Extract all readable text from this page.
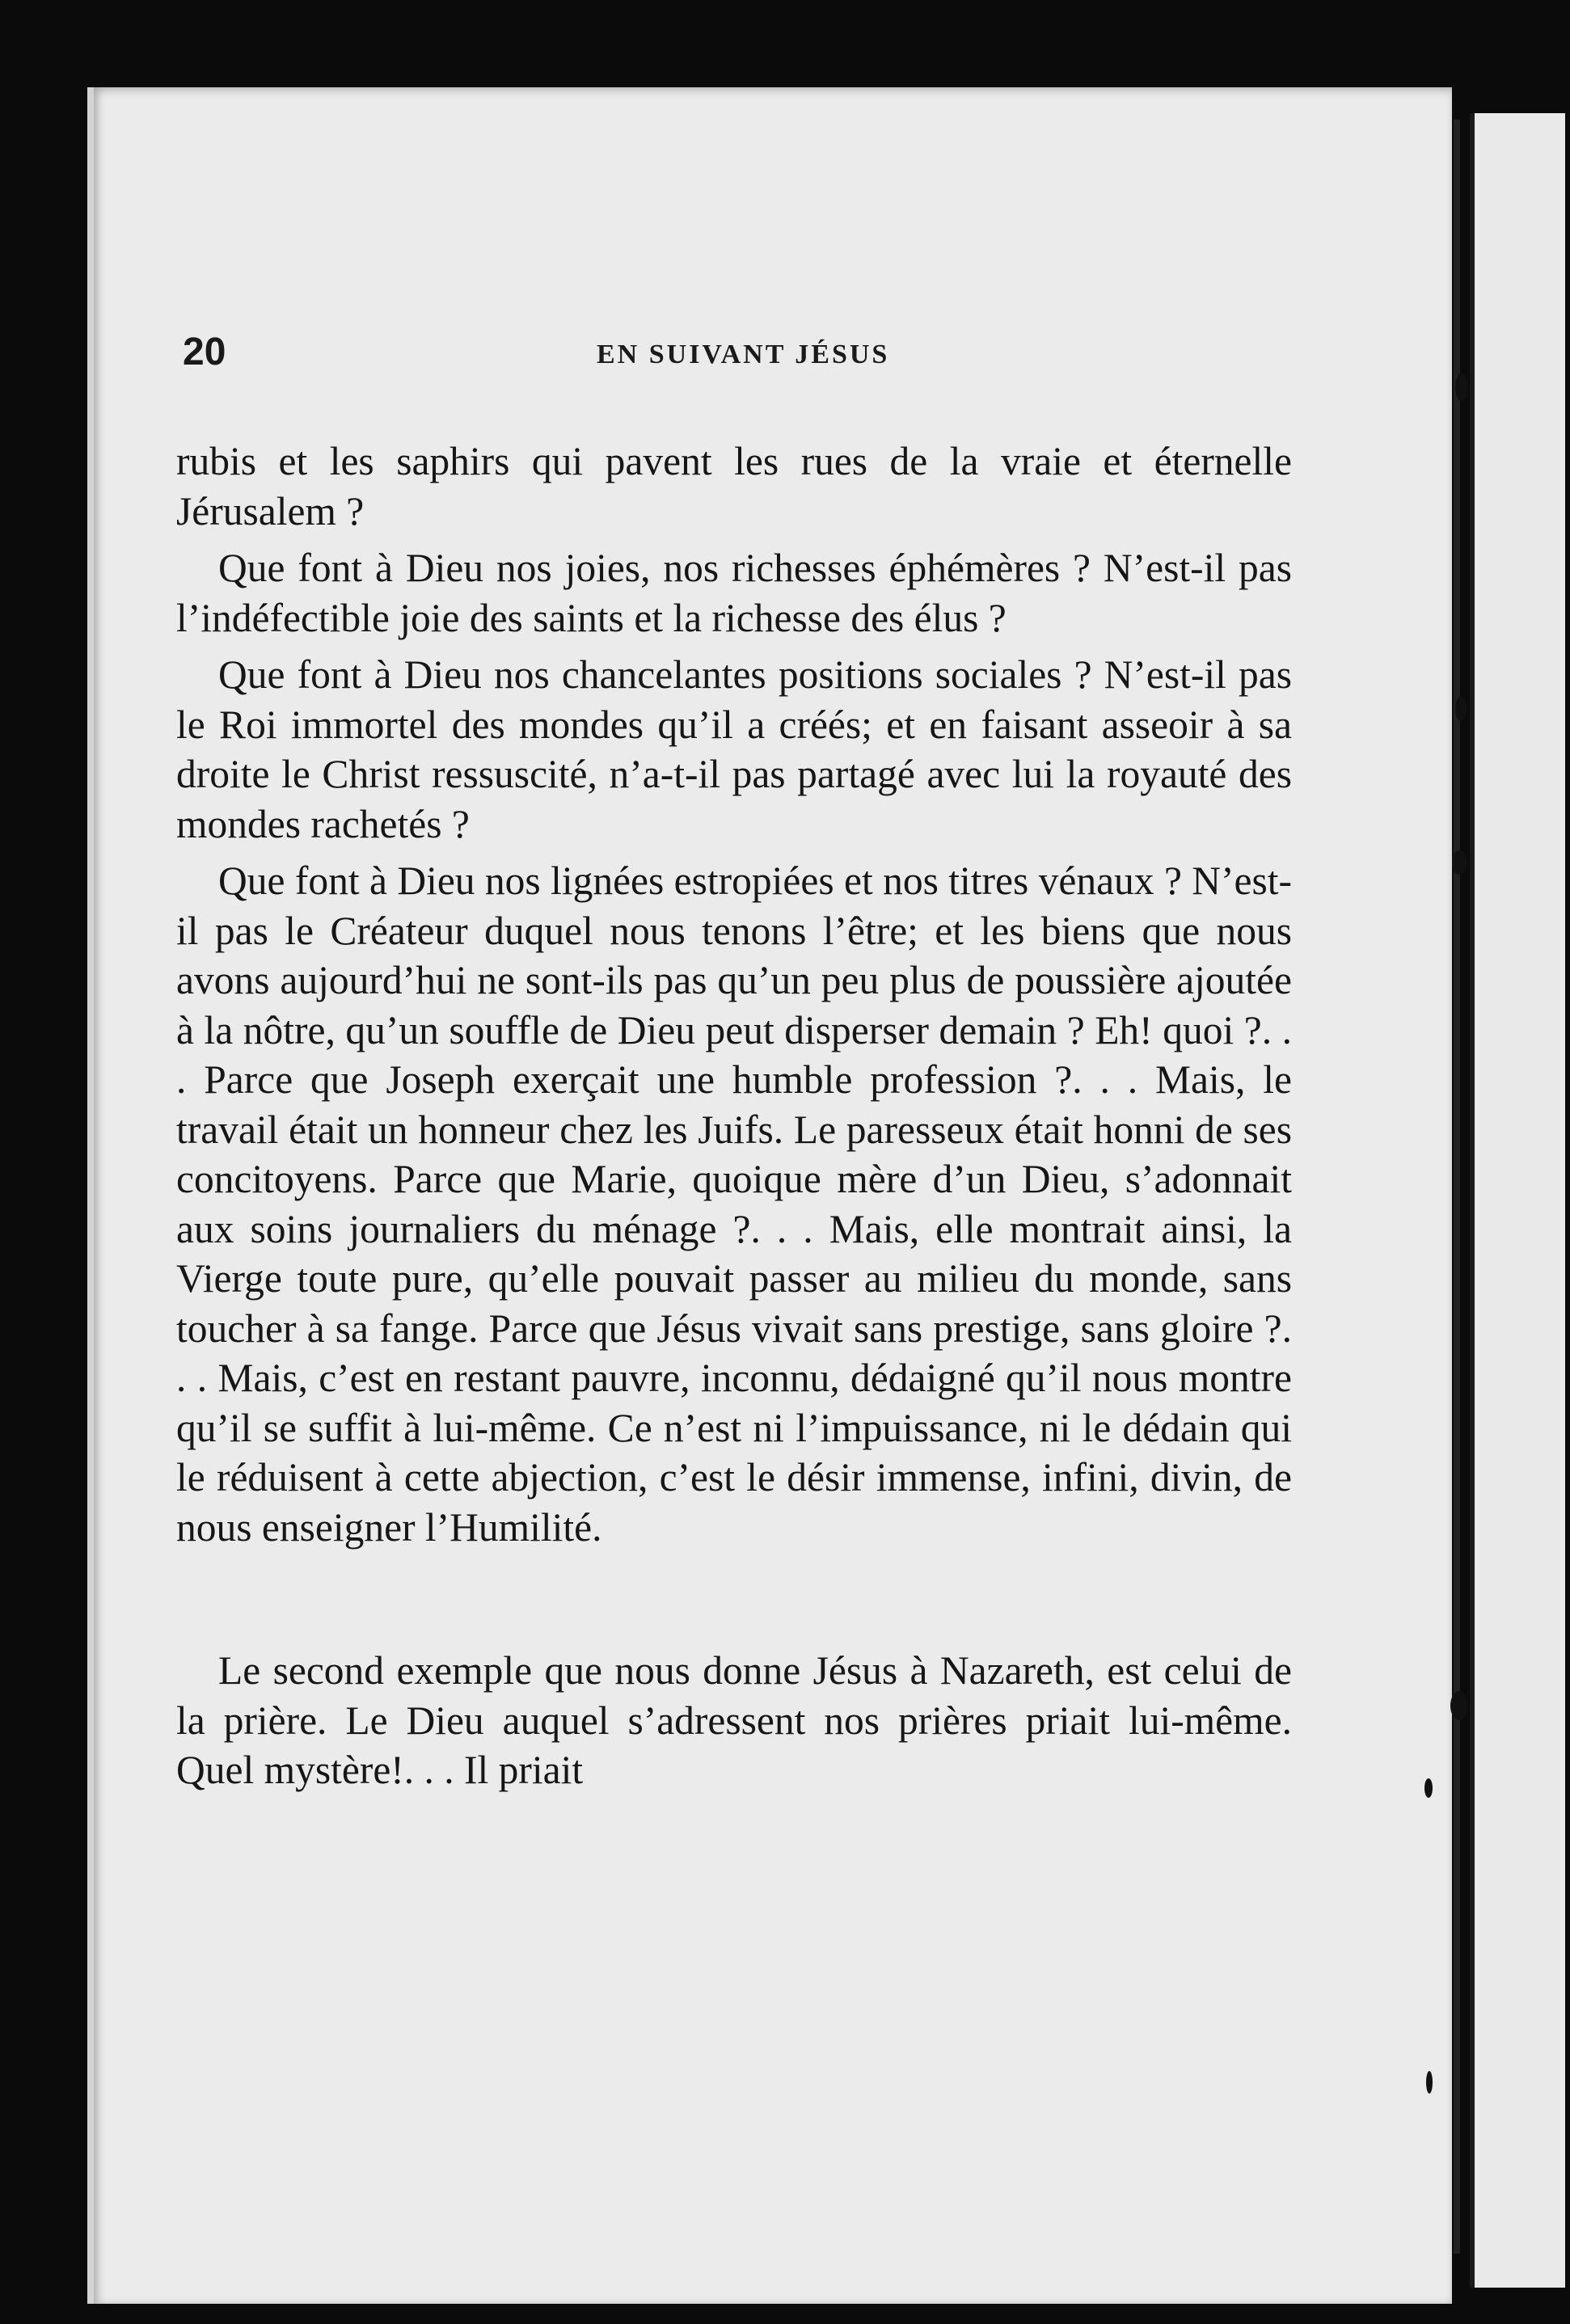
20	EN SUIVANT JÉSUS

rubis et les saphirs qui pavent les rues de la vraie et éternelle Jérusalem ?

Que font à Dieu nos joies, nos richesses éphémères ? N’est-il pas l’indéfectible joie des saints et la richesse des élus ?

Que font à Dieu nos chancelantes positions sociales ? N’est-il pas le Roi immortel des mondes qu’il a créés; et en faisant asseoir à sa droite le Christ ressuscité, n’a-t-il pas partagé avec lui la royauté des mondes rachetés ?

Que font à Dieu nos lignées estropiées et nos titres vénaux ? N’est-il pas le Créateur duquel nous tenons l’être; et les biens que nous avons aujourd’hui ne sont-ils pas qu’un peu plus de poussière ajoutée à la nôtre, qu’un souffle de Dieu peut disperser demain ? Eh! quoi ?. . . Parce que Joseph exerçait une humble profession ?. . . Mais, le travail était un honneur chez les Juifs. Le paresseux était honni de ses concitoyens. Parce que Marie, quoique mère d’un Dieu, s’adonnait aux soins journaliers du ménage ?. . . Mais, elle montrait ainsi, la Vierge toute pure, qu’elle pouvait passer au milieu du monde, sans toucher à sa fange. Parce que Jésus vivait sans prestige, sans gloire ?. . . Mais, c’est en restant pauvre, inconnu, dédaigné qu’il nous montre qu’il se suffit à lui-même. Ce n’est ni l’impuissance, ni le dédain qui le réduisent à cette abjection, c’est le désir immense, infini, divin, de nous enseigner l’Humilité.

Le second exemple que nous donne Jésus à Nazareth, est celui de la prière. Le Dieu auquel s’adressent nos prières priait lui-même. Quel mystère!. . . Il priait
